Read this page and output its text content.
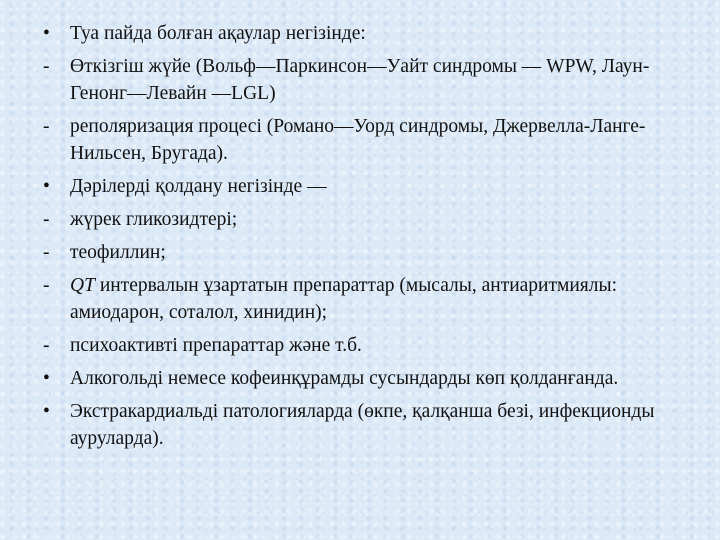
•	Туа пайда болған ақаулар негізінде:
-	Өткізгіш жүйе (Вольф—Паркинсон—Уайт синдромы — WPW, Лаун-Генонг—Левайн —LGL)
-	реполяризация процесі (Романо—Уорд синдромы, Джервелла-Ланге-Нильсен, Бругада).
•	Дәрілерді қолдану негізінде —
-	жүрек гликозидтері;
-	теофиллин;
-	QT интервалын ұзартатын препараттар (мысалы, антиаритмиялы: амиодарон, соталол, хинидин);
-	психоактивті препараттар және т.б.
•	Алкогольді немесе кофеинқұрамды сусындарды көп қолданғанда.
•	Экстракардиальді патологияларда (өкпе, қалқанша безі, инфекционды ауруларда).
